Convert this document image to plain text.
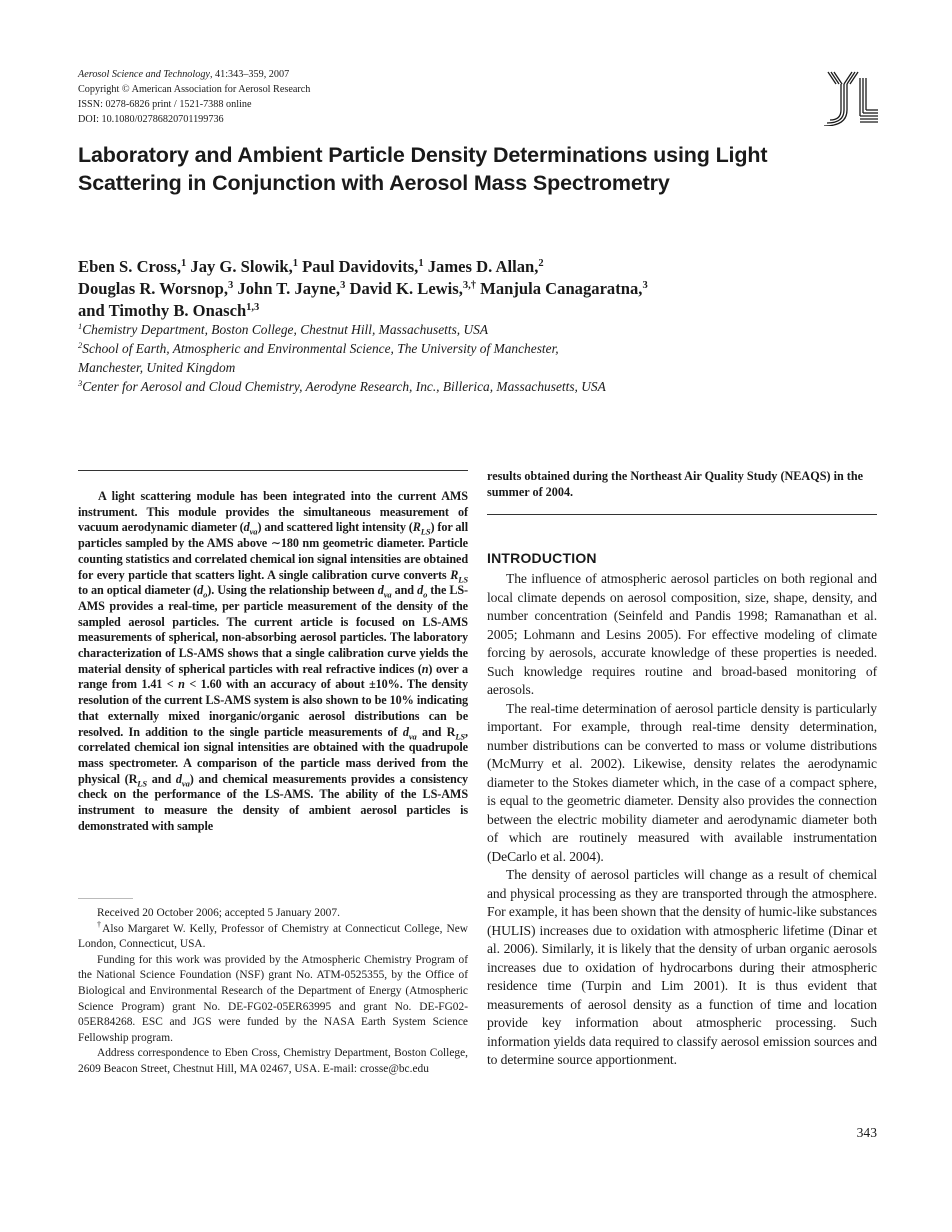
Aerosol Science and Technology, 41:343–359, 2007
Copyright © American Association for Aerosol Research
ISSN: 0278-6826 print / 1521-7388 online
DOI: 10.1080/02786820701199736
Laboratory and Ambient Particle Density Determinations using Light Scattering in Conjunction with Aerosol Mass Spectrometry
Eben S. Cross,$^1$ Jay G. Slowik,$^1$ Paul Davidovits,$^1$ James D. Allan,$^2$
Douglas R. Worsnop,$^3$ John T. Jayne,$^3$ David K. Lewis,$^{3,\dagger}$ Manjula Canagaratna,$^3$
and Timothy B. Onasch$^{1,3}$
$^1$Chemistry Department, Boston College, Chestnut Hill, Massachusetts, USA
$^2$School of Earth, Atmospheric and Environmental Science, The University of Manchester,
Manchester, United Kingdom
$^3$Center for Aerosol and Cloud Chemistry, Aerodyne Research, Inc., Billerica, Massachusetts, USA

A light scattering module has been integrated into the current AMS instrument. This module provides the simultaneous measurement of vacuum aerodynamic diameter $(d_{va})$ and scattered light intensity $(R_{LS})$ for all particles sampled by the AMS above ∼180 nm geometric diameter. Particle counting statistics and correlated chemical ion signal intensities are obtained for every particle that scatters light. A single calibration curve converts $R_{LS}$ to an optical diameter $(d_o)$. Using the relationship between $d_{va}$ and $d_o$ the LS-AMS provides a real-time, per particle measurement of the density of the sampled aerosol particles. The current article is focused on LS-AMS measurements of spherical, non-absorbing aerosol particles. The laboratory characterization of LS-AMS shows that a single calibration curve yields the material density of spherical particles with real refractive indices (n) over a range from 1.41 < n < 1.60 with an accuracy of about ±10%. The density resolution of the current LS-AMS system is also shown to be 10% indicating that externally mixed inorganic/organic aerosol distributions can be resolved. In addition to the single particle measurements of $d_{va}$ and $R_{LS}$, correlated chemical ion signal intensities are obtained with the quadrupole mass spectrometer. A comparison of the particle mass derived from the physical ($R_{LS}$ and $d_{va}$) and chemical measurements provides a consistency check on the performance of the LS-AMS. The ability of the LS-AMS instrument to measure the density of ambient aerosol particles is demonstrated with sample

results obtained during the Northeast Air Quality Study (NEAQS) in the summer of 2004.

Received 20 October 2006; accepted 5 January 2007.

†Also Margaret W. Kelly, Professor of Chemistry at Connecticut College, New London, Connecticut, USA.

Funding for this work was provided by the Atmospheric Chemistry Program of the National Science Foundation (NSF) grant No. ATM-0525355, by the Office of Biological and Environmental Research of the Department of Energy (Atmospheric Science Program) grant No. DE-FG02-05ER63995 and grant No. DE-FG02-05ER84268. ESC and JGS were funded by the NASA Earth System Science Fellowship program.

Address correspondence to Eben Cross, Chemistry Department, Boston College, 2609 Beacon Street, Chestnut Hill, MA 02467, USA. E-mail: crosse@bc.edu

INTRODUCTION

The influence of atmospheric aerosol particles on both regional and local climate depends on aerosol composition, size, shape, density, and number concentration (Seinfeld and Pandis 1998; Ramanathan et al. 2005; Lohmann and Lesins 2005). For effective modeling of climate forcing by aerosols, accurate knowledge of these properties is needed. Such knowledge requires routine and broad-based monitoring of aerosols.

The real-time determination of aerosol particle density is particularly important. For example, through real-time density determination, number distributions can be converted to mass or volume distributions (McMurry et al. 2002). Likewise, density relates the aerodynamic diameter to the Stokes diameter which, in the case of a compact sphere, is equal to the geometric diameter. Density also provides the connection between the electric mobility diameter and aerodynamic diameter both of which are routinely measured with available instrumentation (DeCarlo et al. 2004).

The density of aerosol particles will change as a result of chemical and physical processing as they are transported through the atmosphere. For example, it has been shown that the density of humic-like substances (HULIS) increases due to oxidation with atmospheric lifetime (Dinar et al. 2006). Similarly, it is likely that the density of urban organic aerosols increases due to oxidation of hydrocarbons during their atmospheric residence time (Turpin and Lim 2001). It is thus evident that measurements of aerosol density as a function of time and location provide key information about atmospheric processing. Such information yields data required to classify aerosol emission sources and to determine source apportionment.

343
